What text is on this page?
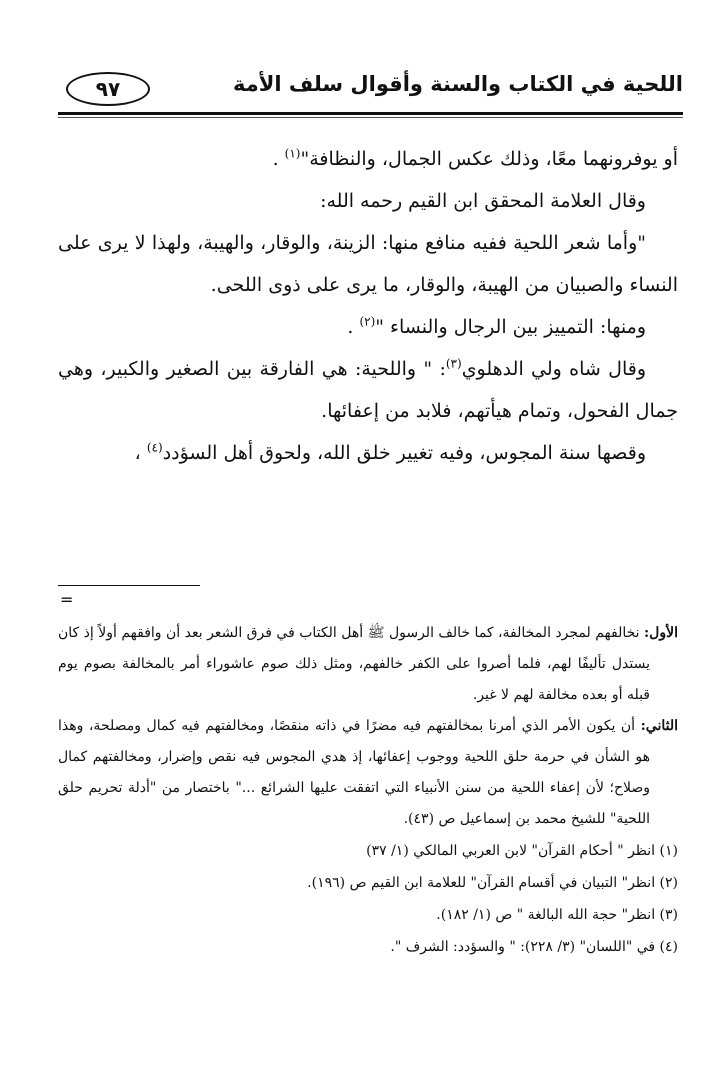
اللحية في الكتاب والسنة وأقوال سلف الأمة
٩٧

أو يوفرونهما معًا، وذلك عكس الجمال، والنظافة"$^{(١)}$ .

وقال العلامة المحقق ابن القيم رحمه الله:

"وأما شعر اللحية ففيه منافع منها: الزينة، والوقار، والهيبة، ولهذا لا يرى على النساء والصبيان من الهيبة، والوقار، ما يرى على ذوى اللحى.

ومنها: التمييز بين الرجال والنساء "$^{(٢)}$ .

وقال شاه ولي الدهلوي$^{(٣)}$: " واللحية: هي الفارقة بين الصغير والكبير، وهي جمال الفحول، وتمام هيأتهم، فلابد من إعفائها.

وقصها سنة المجوس، وفيه تغيير خلق الله، ولحوق أهل السؤدد$^{(٤)}$ ،

=

الأول: نخالفهم لمجرد المخالفة، كما خالف الرسول ﷺ أهل الكتاب في فرق الشعر بعد أن وافقهم أولاً إذ كان يستدل تأليفًا لهم، فلما أصروا على الكفر خالفهم، ومثل ذلك صوم عاشوراء أمر بالمخالفة بصوم يوم قبله أو بعده مخالفة لهم لا غير.

الثاني: أن يكون الأمر الذي أمرنا بمخالفتهم فيه مضرًا في ذاته منقصًا، ومخالفتهم فيه كمال ومصلحة، وهذا هو الشأن في حرمة حلق اللحية ووجوب إعفائها، إذ هدي المجوس فيه نقص وإضرار، ومخالفتهم كمال وصلاح؛ لأن إعفاء اللحية من سنن الأنبياء التي اتفقت عليها الشرائع ..." باختصار من "أدلة تحريم حلق اللحية" للشيخ محمد بن إسماعيل ص (٤٣).

(١) انظر " أحكام القرآن" لابن العربي المالكي (١/ ٣٧)

(٢) انظر" التبيان في أقسام القرآن" للعلامة ابن القيم ص (١٩٦).

(٣) انظر" حجة الله البالغة " ص (١/ ١٨٢).

(٤) في "اللسان" (٣/ ٢٢٨): " والسؤدد: الشرف ".
